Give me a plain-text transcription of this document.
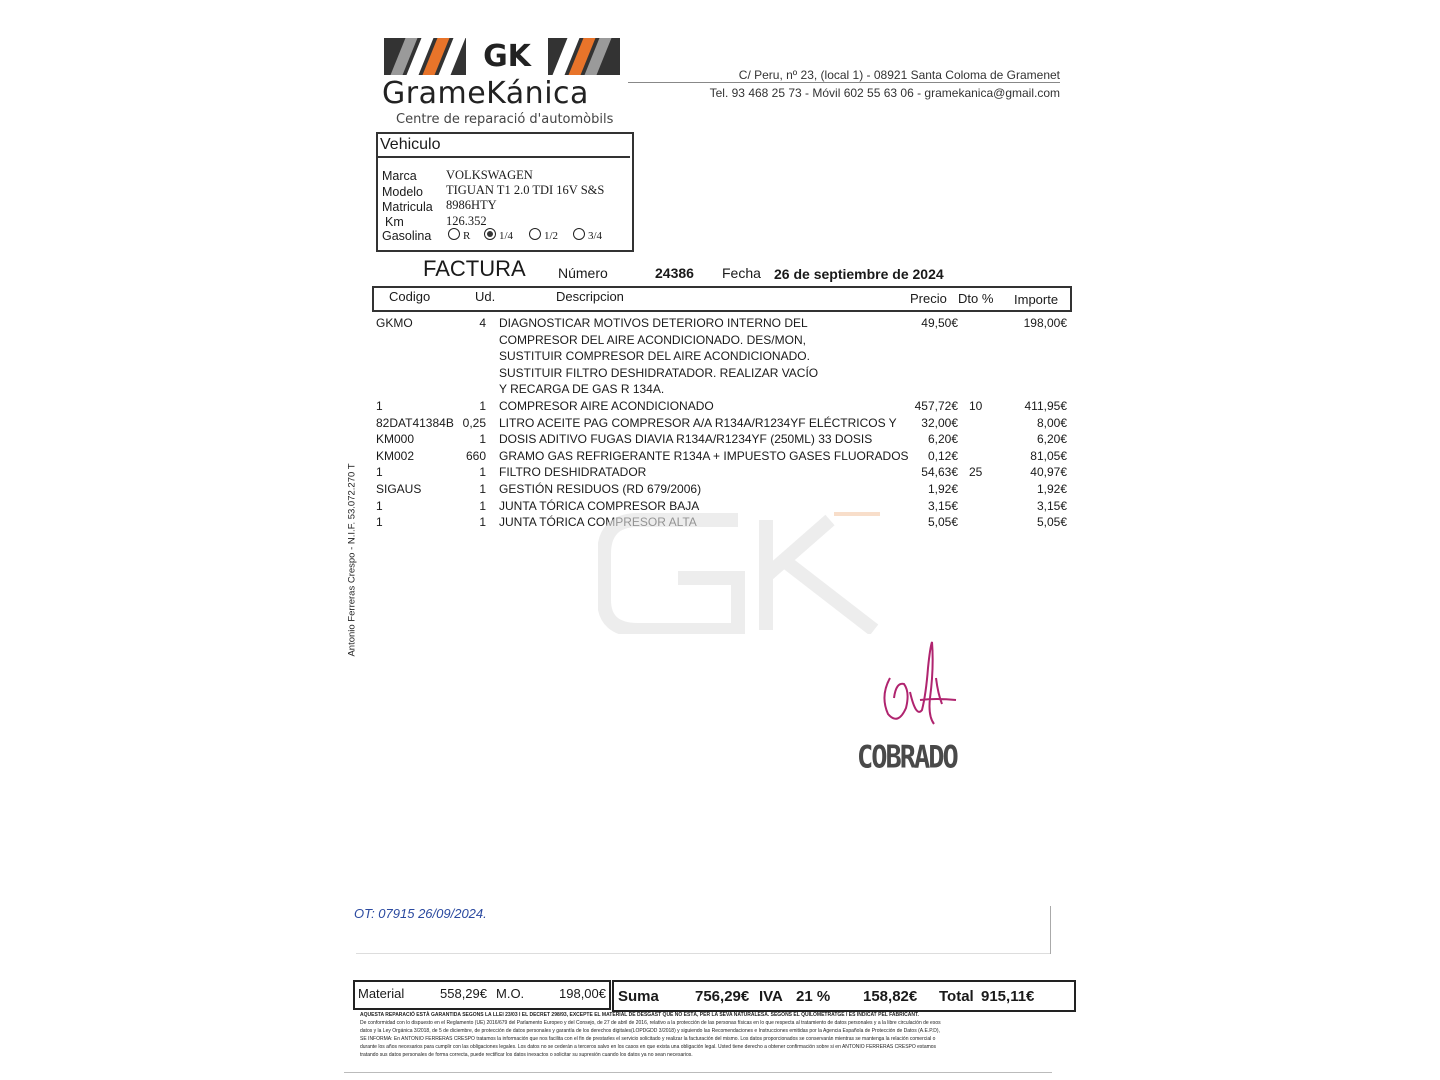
GK
GrameKánica
Centre de reparació d'automòbils
C/ Peru, nº 23, (local 1) - 08921 Santa Coloma de Gramenet
Tel. 93 468 25 73 - Móvil 602 55 63 06 - gramekanica@gmail.com
Vehiculo
Marca VOLKSWAGEN
Modelo TIGUAN T1 2.0 TDI 16V S&S
Matricula 8986HTY
Km	126.352
Gasolina	R	1/4	1/2	3/4
FACTURA Número	24386 Fecha 26 de septiembre de 2024
Codigo	Ud.	Descripcion	Precio Dto % Importe
GKMO	4 DIAGNOSTICAR MOTIVOS DETERIORO INTERNO DEL	49,50€	198,00€
COMPRESOR DEL AIRE ACONDICIONADO. DES/MON,
SUSTITUIR COMPRESOR DEL AIRE ACONDICIONADO.
SUSTITUIR FILTRO DESHIDRATADOR. REALIZAR VACÍO
Y RECARGA DE GAS R 134A.
1	1 COMPRESOR AIRE ACONDICIONADO	457,72€ 10	411,95€
82DAT41384B 0,25 LITRO ACEITE PAG COMPRESOR A/A R134A/R1234YF ELÉCTRICOS Y 32,00€	8,00€
KM000	1 DOSIS ADITIVO FUGAS DIAVIA R134A/R1234YF (250ML) 33 DOSIS	6,20€	6,20€
KM002	660 GRAMO GAS REFRIGERANTE R134A + IMPUESTO GASES FLUORADOS 0,12€	81,05€
1	1 FILTRO DESHIDRATADOR	54,63€ 25	40,97€
SIGAUS	1 GESTIÓN RESIDUOS (RD 679/2006)	1,92€	1,92€
1	1 JUNTA TÓRICA COMPRESOR BAJA	3,15€	3,15€
1	1 JUNTA TÓRICA COMPRESOR ALTA	5,05€	5,05€
Antonio Ferreras Crespo - N.I.F. 53.072.270 T
COBRADO
OT: 07915 26/09/2024.
Material	558,29€ M.O.	198,00€ Suma 756,29€ IVA 21 % 158,82€ Total 915,11€
AQUESTA REPARACIÓ ESTÀ GARANTIDA SEGONS LA LLEI 23/03 I EL DECRET 298/93, EXCEPTE EL MATERIAL DE DESGAST QUE NO ESTÀ, PER LA SEVA NATURALESA. SEGONS EL QUILOMETRATGE I ÉS INDICAT PEL FABRICANT.
De conformidad con lo dispuesto en el Reglamento (UE) 2016/679 del Parlamento Europeo y del Consejo, de 27 de abril de 2016, relativo a la protección de las personas físicas en lo que respecta al tratamiento de datos personales y a la libre circulación de esos
datos y la Ley Orgánica 3/2018, de 5 de diciembre, de protección de datos personales y garantía de los derechos digitales(LOPDGDD 3/2018) y siguiendo las Recomendaciones e Instrucciones emitidas por la Agencia Española de Protección de Datos (A.E.P.D),
SE INFORMA: En ANTONIO FERRERAS CRESPO tratamos la información que nos facilita con el fin de prestarles el servicio solicitado y realizar la facturación del mismo. Los datos proporcionados se conservarán mientras se mantenga la relación comercial o
durante los años necesarios para cumplir con las obligaciones legales. Los datos no se cederán a terceros salvo en los casos en que exista una obligación legal. Usted tiene derecho a obtener confirmación sobre si en ANTONIO FERRERAS CRESPO estamos
tratando sus datos personales de forma correcta, puede rectificar los datos inexactos o solicitar su supresión cuando los datos ya no sean necesarios.
